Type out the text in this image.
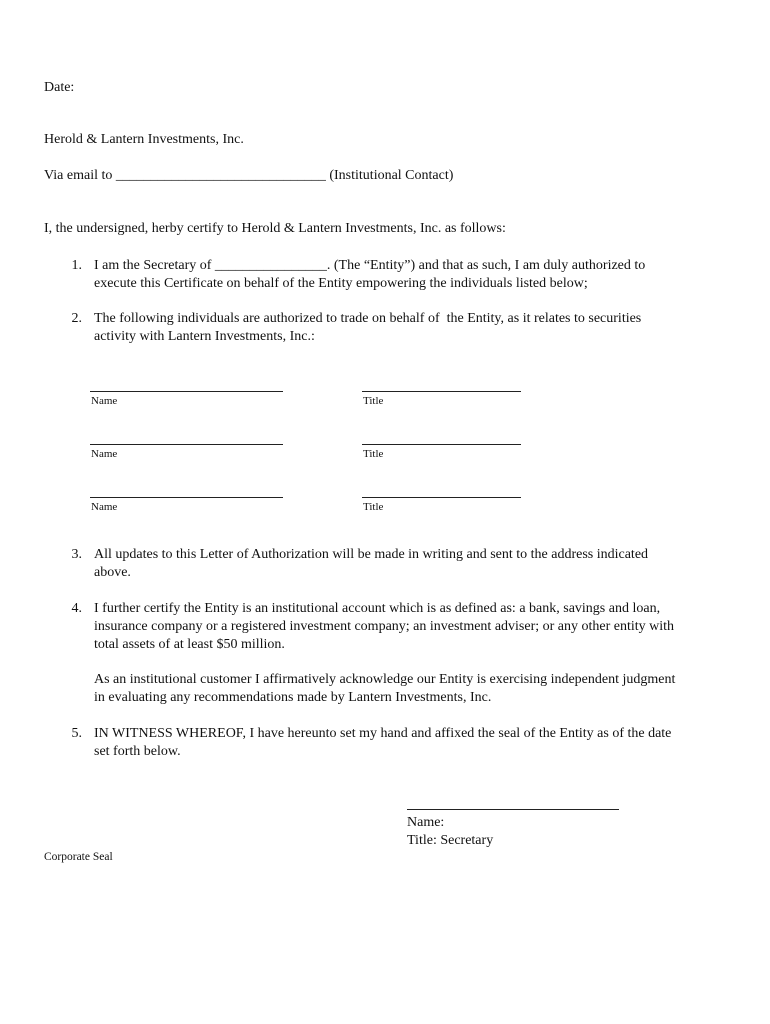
Date:
Herold & Lantern Investments, Inc.
Via email to ______________________________ (Institutional Contact)
I, the undersigned, herby certify to Herold & Lantern Investments, Inc. as follows:
1. I am the Secretary of ________________. (The “Entity”) and that as such, I am duly authorized to
execute this Certificate on behalf of the Entity empowering the individuals listed below;
2. The following individuals are authorized to trade on behalf of  the Entity, as it relates to securities
activity with Lantern Investments, Inc.:
Name	Title
Name	Title
Name	Title
3. All updates to this Letter of Authorization will be made in writing and sent to the address indicated
above.
4. I further certify the Entity is an institutional account which is as defined as: a bank, savings and loan,
insurance company or a registered investment company; an investment adviser; or any other entity with
total assets of at least $50 million.
As an institutional customer I affirmatively acknowledge our Entity is exercising independent judgment
in evaluating any recommendations made by Lantern Investments, Inc.
5. IN WITNESS WHEREOF, I have hereunto set my hand and affixed the seal of the Entity as of the date
set forth below.
Name:
Title: Secretary
Corporate Seal
